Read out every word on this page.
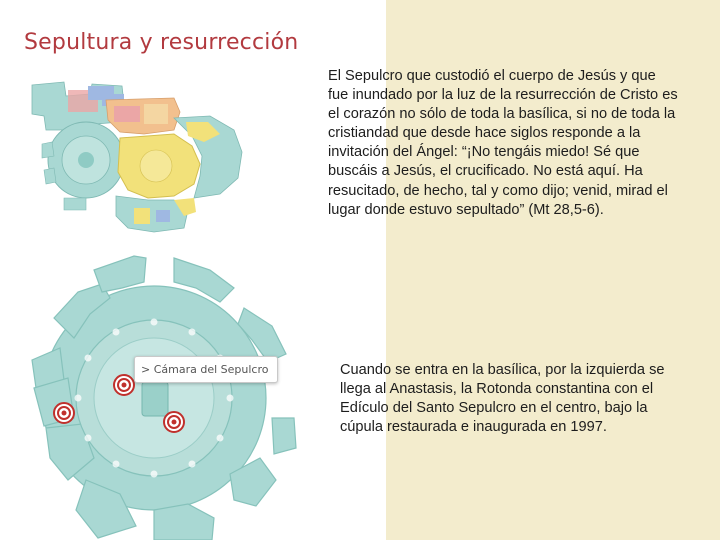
Sepultura y resurrección
> Cámara del Sepulcro

El Sepulcro que custodió el cuerpo de Jesús y que fue inundado por la luz de la resurrección de Cristo es el corazón no sólo de toda la basílica, si no de toda la cristiandad que desde hace siglos responde a la invitación del Ángel: “¡No tengáis miedo! Sé que buscáis a Jesús, el crucificado. No está aquí. Ha resucitado, de hecho, tal y como dijo; venid, mirad el lugar donde estuvo sepultado” (Mt 28,5-6).

Cuando se entra en la basílica, por la izquierda se llega al Anastasis, la Rotonda constantina con el Edículo del Santo Sepulcro en el centro, bajo la cúpula restaurada e inaugurada en 1997.
